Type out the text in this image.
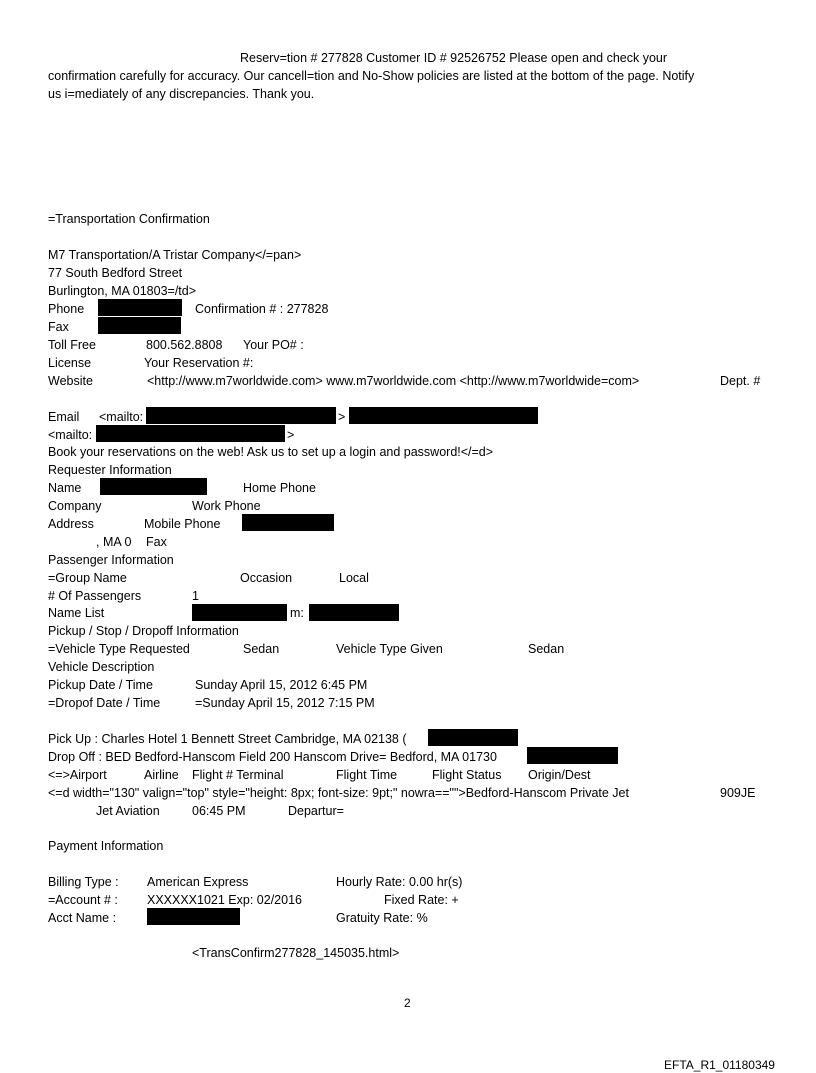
Reserv=tion # 277828 Customer ID # 92526752 Please open and check your
confirmation carefully for accuracy. Our cancell=tion and No-Show policies are listed at the bottom of the page. Notify
us i=mediately of any discrepancies. Thank you.
=Transportation Confirmation
M7 Transportation/A Tristar Company</=pan>
77 South Bedford Street
Burlington, MA 01803=/td>
Phone	Confirmation # : 277828
Fax
Toll Free	800.562.8808 Your PO# :
License	Your Reservation #:
Website	<http://www.m7worldwide.com> www.m7worldwide.com <http://www.m7worldwide=com>	Dept. #
Email <mailto:	>
<mailto:	>
Book your reservations on the web! Ask us to set up a login and password!</=d>
Requester Information
Name	Home Phone
Company	Work Phone
Address	Mobile Phone
, MA 0 Fax
Passenger Information
=Group Name	Occasion	Local
# Of Passengers	1
Name List	m:
Pickup / Stop / Dropoff Information
=Vehicle Type Requested	Sedan	Vehicle Type Given	Sedan
Vehicle Description
Pickup Date / Time	Sunday April 15, 2012 6:45 PM
=Dropof Date / Time	=Sunday April 15, 2012 7:15 PM
Pick Up : Charles Hotel 1 Bennett Street Cambridge, MA 02138 (
Drop Off : BED Bedford-Hanscom Field 200 Hanscom Drive= Bedford, MA 01730
<=>Airport	Airline Flight # Terminal	Flight Time	Flight Status Origin/Dest
<=d width="130" valign="top" style="height: 8px; font-size: 9pt;" nowra=="">Bedford-Hanscom Private Jet	909JE
Jet Aviation	06:45 PM	Departur=
Payment Information
Billing Type : American Express	Hourly Rate: 0.00 hr(s)
=Account # : XXXXXX1021 Exp: 02/2016	Fixed Rate: +
Acct Name :	Gratuity Rate: %
<TransConfirm277828_145035.html>
2
EFTA_R1_01180349
